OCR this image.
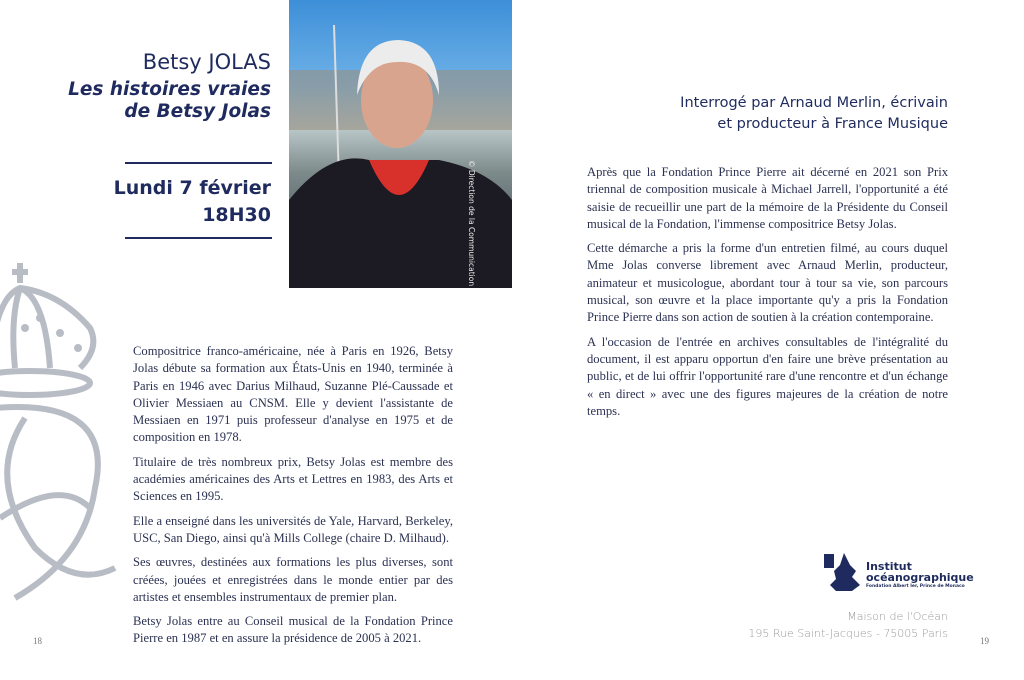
Betsy JOLAS
Les histoires vraies de Betsy Jolas
Lundi 7 février
18H30	© Direction de la Communication

Compositrice franco-américaine, née à Paris en 1926, Betsy Jolas débute sa formation aux États-Unis en 1940, terminée à Paris en 1946 avec Darius Milhaud, Suzanne Plé-Caussade et Olivier Messiaen au CNSM. Elle y devient l'assistante de Messiaen en 1971 puis professeur d'analyse en 1975 et de composition en 1978.

Titulaire de très nombreux prix, Betsy Jolas est membre des académies américaines des Arts et Lettres en 1983, des Arts et Sciences en 1995.

Elle a enseigné dans les universités de Yale, Harvard, Berkeley, USC, San Diego, ainsi qu'à Mills College (chaire D. Milhaud).

Ses œuvres, destinées aux formations les plus diverses, sont créées, jouées et enregistrées dans le monde entier par des artistes et ensembles instrumentaux de premier plan.

Betsy Jolas entre au Conseil musical de la Fondation Prince Pierre en 1987 et en assure la présidence de 2005 à 2021.

18
Interrogé par Arnaud Merlin, écrivain
et producteur à France Musique

Après que la Fondation Prince Pierre ait décerné en 2021 son Prix triennal de composition musicale à Michael Jarrell, l'opportunité a été saisie de recueillir une part de la mémoire de la Présidente du Conseil musical de la Fondation, l'immense compositrice Betsy Jolas.

Cette démarche a pris la forme d'un entretien filmé, au cours duquel Mme Jolas converse librement avec Arnaud Merlin, producteur, animateur et musicologue, abordant tour à tour sa vie, son parcours musical, son œuvre et la place importante qu'y a pris la Fondation Prince Pierre dans son action de soutien à la création contemporaine.

A l'occasion de l'entrée en archives consultables de l'intégralité du document, il est apparu opportun d'en faire une brève présentation au public, et de lui offrir l'opportunité rare d'une rencontre et d'un échange « en direct » avec une des figures majeures de la création de notre temps.

Institut
océanographique
Fondation Albert Ier, Prince de Monaco
Maison de l'Océan
195 Rue Saint-Jacques - 75005 Paris
19
